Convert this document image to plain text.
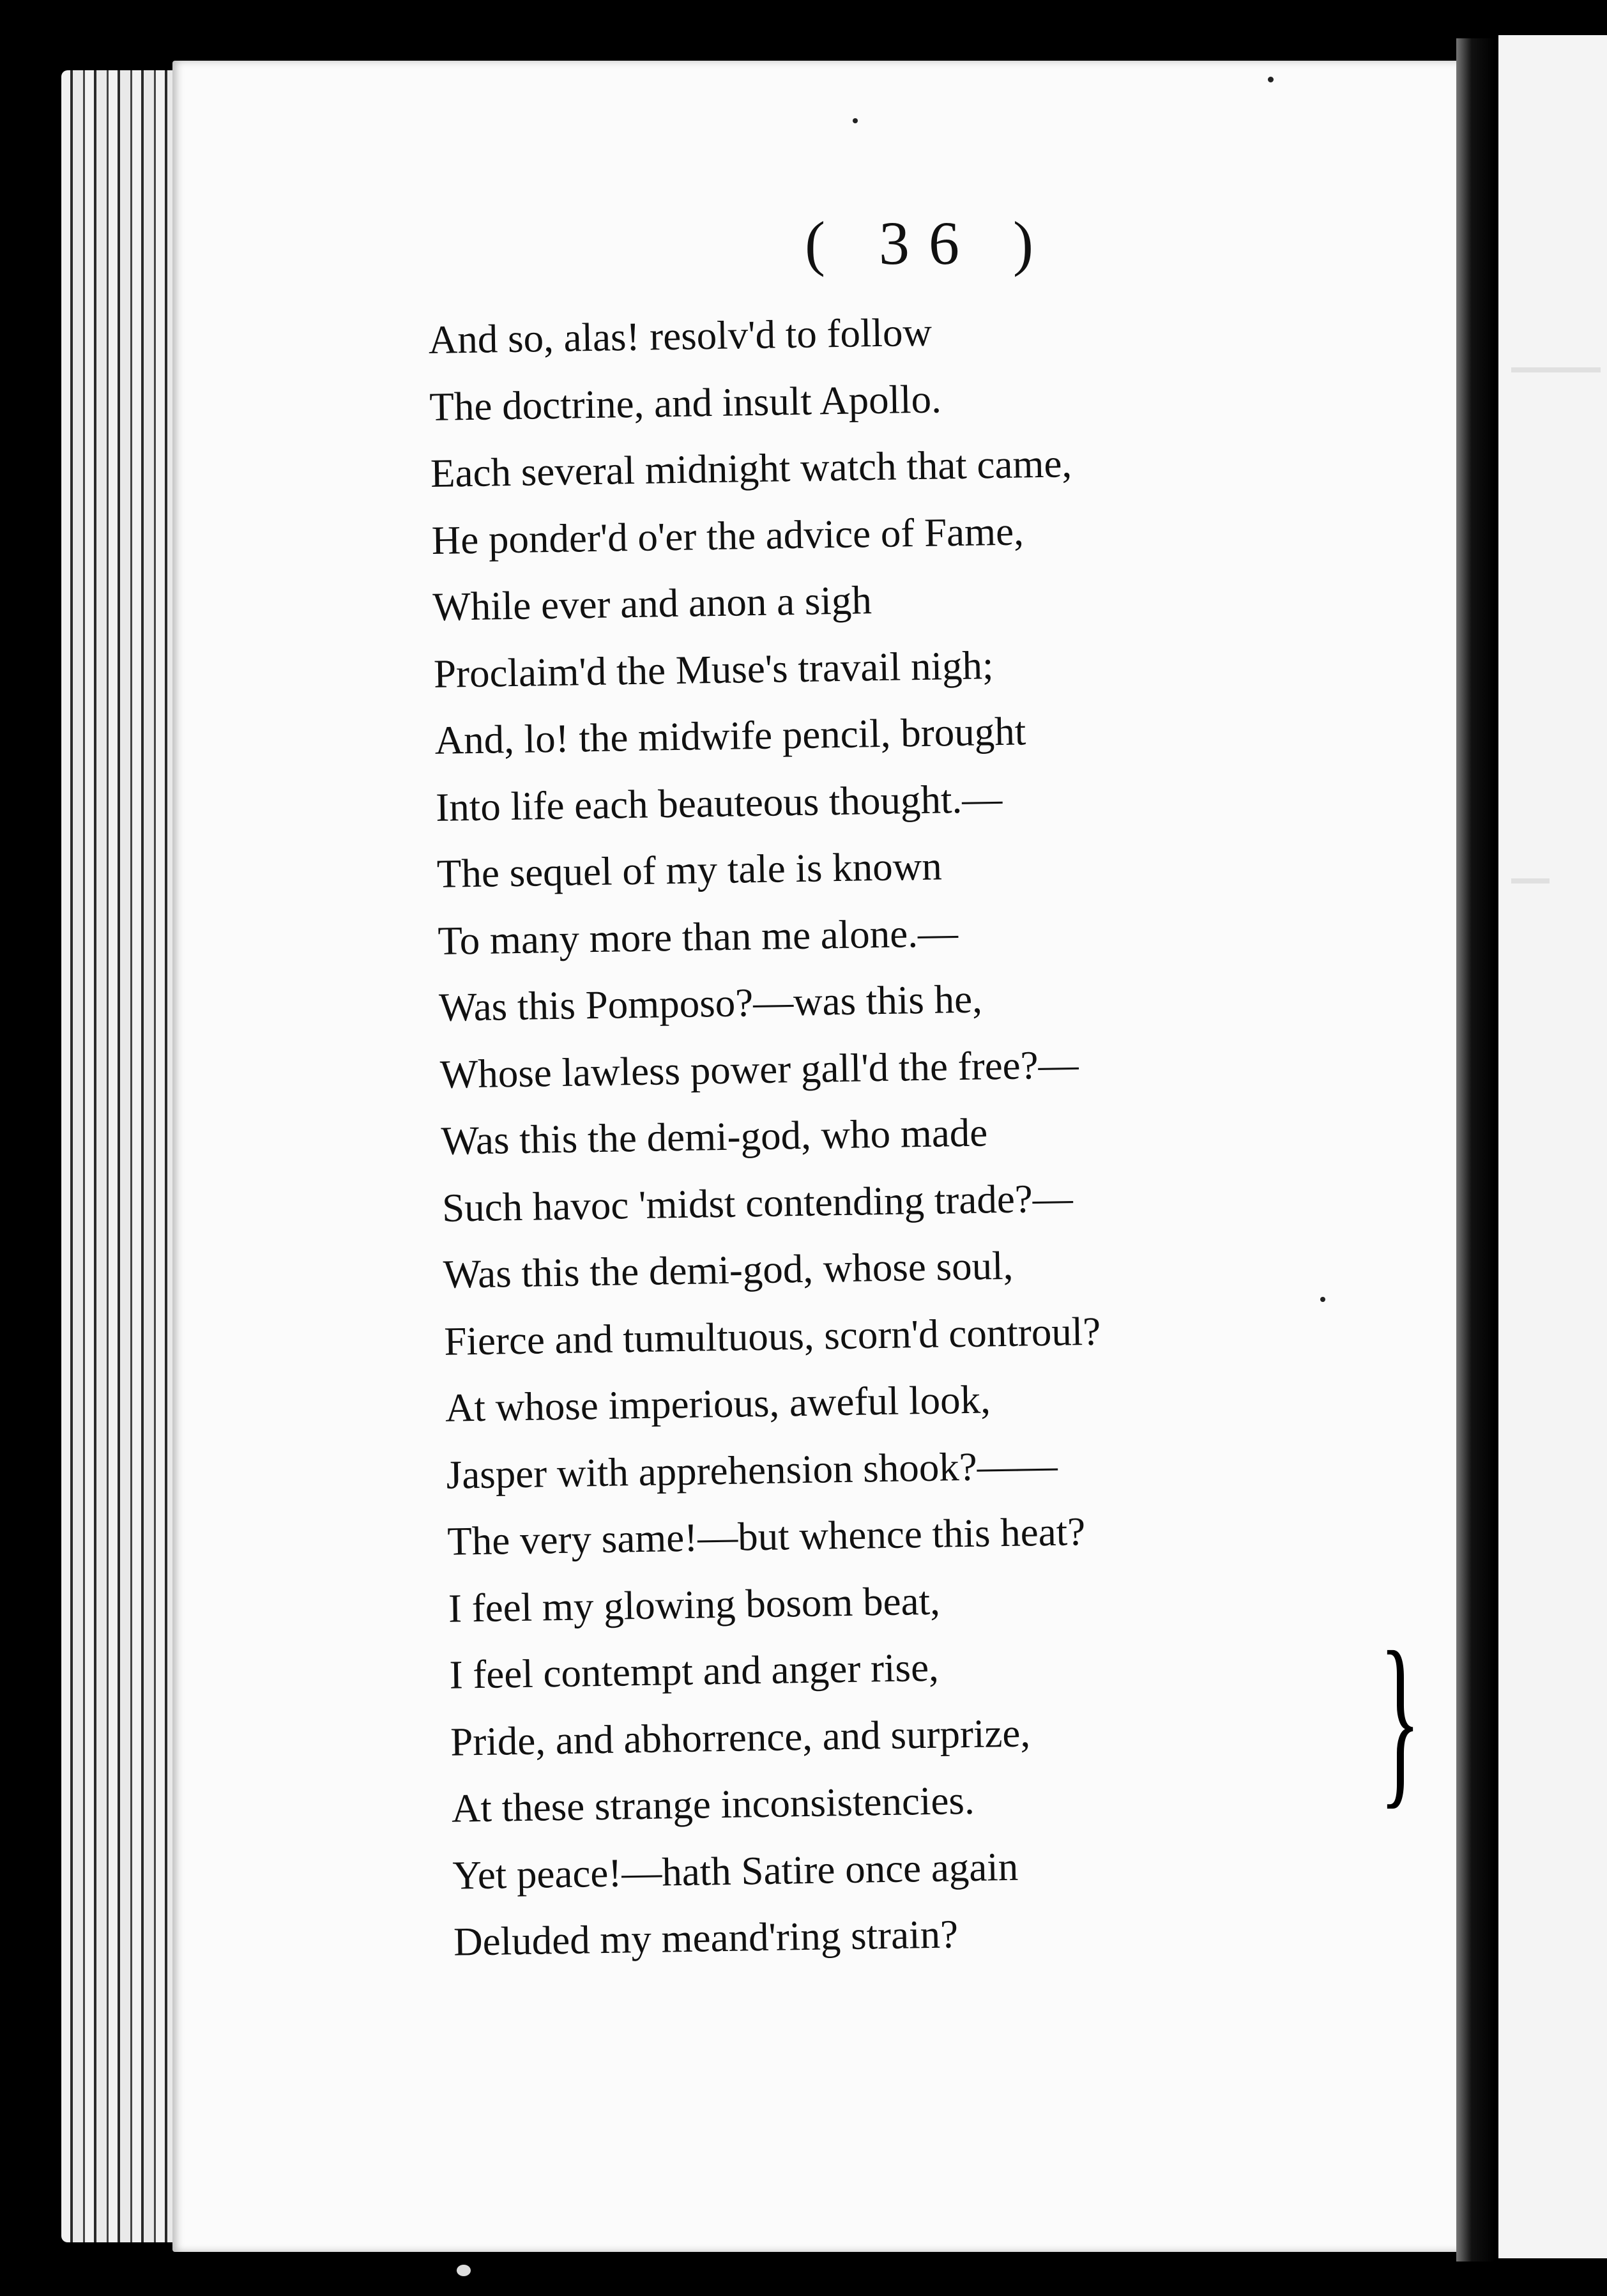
( 36 )
And so, alas! resolv'd to follow
The doctrine, and insult Apollo.
Each several midnight watch that came,
He ponder'd o'er the advice of Fame,
While ever and anon a sigh
Proclaim'd the Muse's travail nigh;
And, lo! the midwife pencil, brought
Into life each beauteous thought.—
The sequel of my tale is known
To many more than me alone.—
Was this Pomposo?—was this he,
Whose lawless power gall'd the free?—
Was this the demi-god, who made
Such havoc 'midst contending trade?—
Was this the demi-god, whose soul,
Fierce and tumultuous, scorn'd controul?
At whose imperious, aweful look,
Jasper with apprehension shook?——
The very same!—but whence this heat?
I feel my glowing bosom beat,
I feel contempt and anger rise,
Pride, and abhorrence, and surprize,
At these strange inconsistencies.
Yet peace!—hath Satire once again
Deluded my meand'ring strain?
}
